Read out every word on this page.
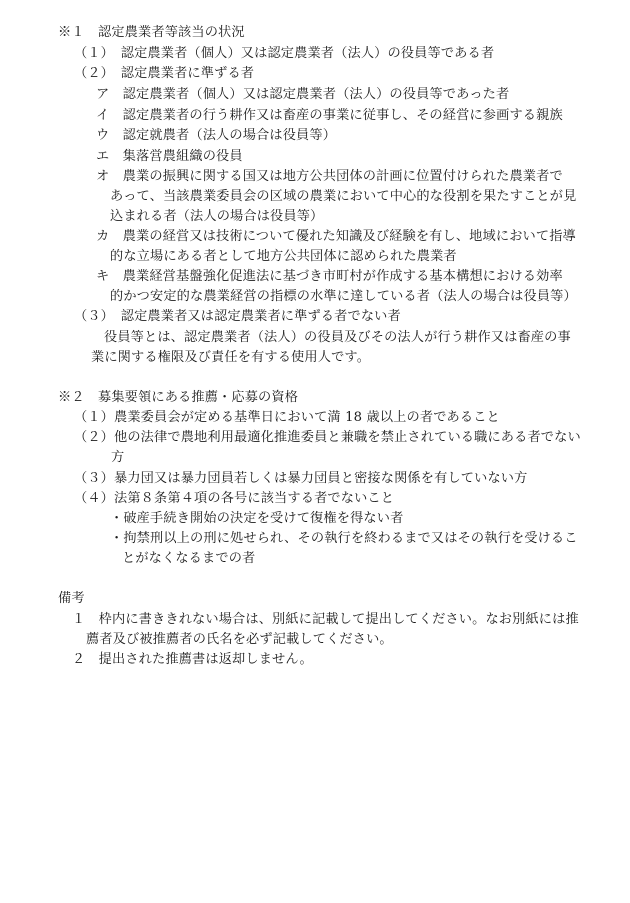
※１　認定農業者等該当の状況
（１）　認定農業者（個人）又は認定農業者（法人）の役員等である者
（２）　認定農業者に準ずる者
ア　認定農業者（個人）又は認定農業者（法人）の役員等であった者
イ　認定農業者の行う耕作又は畜産の事業に従事し、その経営に参画する親族
ウ　認定就農者（法人の場合は役員等）
エ　集落営農組織の役員
オ　農業の振興に関する国又は地方公共団体の計画に位置付けられた農業者で
あって、当該農業委員会の区域の農業において中心的な役割を果たすことが見
込まれる者（法人の場合は役員等）
カ　農業の経営又は技術について優れた知識及び経験を有し、地域において指導
的な立場にある者として地方公共団体に認められた農業者
キ　農業経営基盤強化促進法に基づき市町村が作成する基本構想における効率
的かつ安定的な農業経営の指標の水準に達している者（法人の場合は役員等）
（３）　認定農業者又は認定農業者に準ずる者でない者
役員等とは、認定農業者（法人）の役員及びその法人が行う耕作又は畜産の事
業に関する権限及び責任を有する使用人です。
※２　募集要領にある推薦・応募の資格
（１）農業委員会が定める基準日において満 18 歳以上の者であること
（２）他の法律で農地利用最適化推進委員と兼職を禁止されている職にある者でない
方
（３）暴力団又は暴力団員若しくは暴力団員と密接な関係を有していない方
（４）法第８条第４項の各号に該当する者でないこと
・破産手続き開始の決定を受けて復権を得ない者
・拘禁刑以上の刑に処せられ、その執行を終わるまで又はその執行を受けるこ
とがなくなるまでの者
備考
１　枠内に書ききれない場合は、別紙に記載して提出してください。なお別紙には推
薦者及び被推薦者の氏名を必ず記載してください。
２　提出された推薦書は返却しません。
